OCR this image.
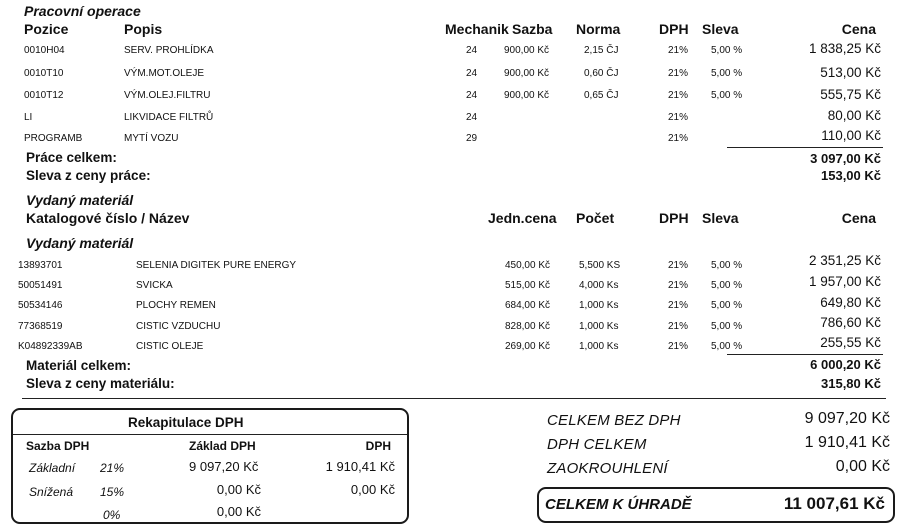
Pracovní operace
Pozice	Popis	Mechanik Sazba Norma	DPH Sleva	Cena
0010H04	SERV. PROHLÍDKA	24	900,00 Kč	2,15 ČJ	21% 5,00 %	1 838,25 Kč
0010T10	VÝM.MOT.OLEJE	24	900,00 Kč	0,60 ČJ	21% 5,00 %	513,00 Kč
0010T12	VÝM.OLEJ.FILTRU	24	900,00 Kč	0,65 ČJ	21% 5,00 %	555,75 Kč
LI	LIKVIDACE FILTRŮ	24	21%	80,00 Kč
PROGRAMB	MYTÍ VOZU	29	21%	110,00 Kč
Práce celkem:	3 097,00 Kč
Sleva z ceny práce:	153,00 Kč
Vydaný materiál
Katalogové číslo / Název	Jedn.cena Počet	DPH Sleva	Cena
Vydaný materiál
13893701	SELENIA DIGITEK PURE ENERGY	450,00 Kč	5,500 KS	21% 5,00 %	2 351,25 Kč
50051491	SVICKA	515,00 Kč	4,000 Ks	21% 5,00 %	1 957,00 Kč
50534146	PLOCHY REMEN	684,00 Kč	1,000 Ks	21% 5,00 %	649,80 Kč
77368519	CISTIC VZDUCHU	828,00 Kč	1,000 Ks	21% 5,00 %	786,60 Kč
K04892339AB	CISTIC OLEJE	269,00 Kč	1,000 Ks	21% 5,00 %	255,55 Kč
Materiál celkem:	6 000,20 Kč
Sleva z ceny materiálu:	315,80 Kč
Rekapitulace DPH
Sazba DPH	Základ DPH	DPH
Základní 21%	9 097,20 Kč	1 910,41 Kč
Snížená 15%	0,00 Kč	0,00 Kč
0%	0,00 Kč
CELKEM BEZ DPH	9 097,20 Kč
DPH CELKEM	1 910,41 Kč
ZAOKROUHLENÍ	0,00 Kč
CELKEM K ÚHRADĚ	11 007,61 Kč
